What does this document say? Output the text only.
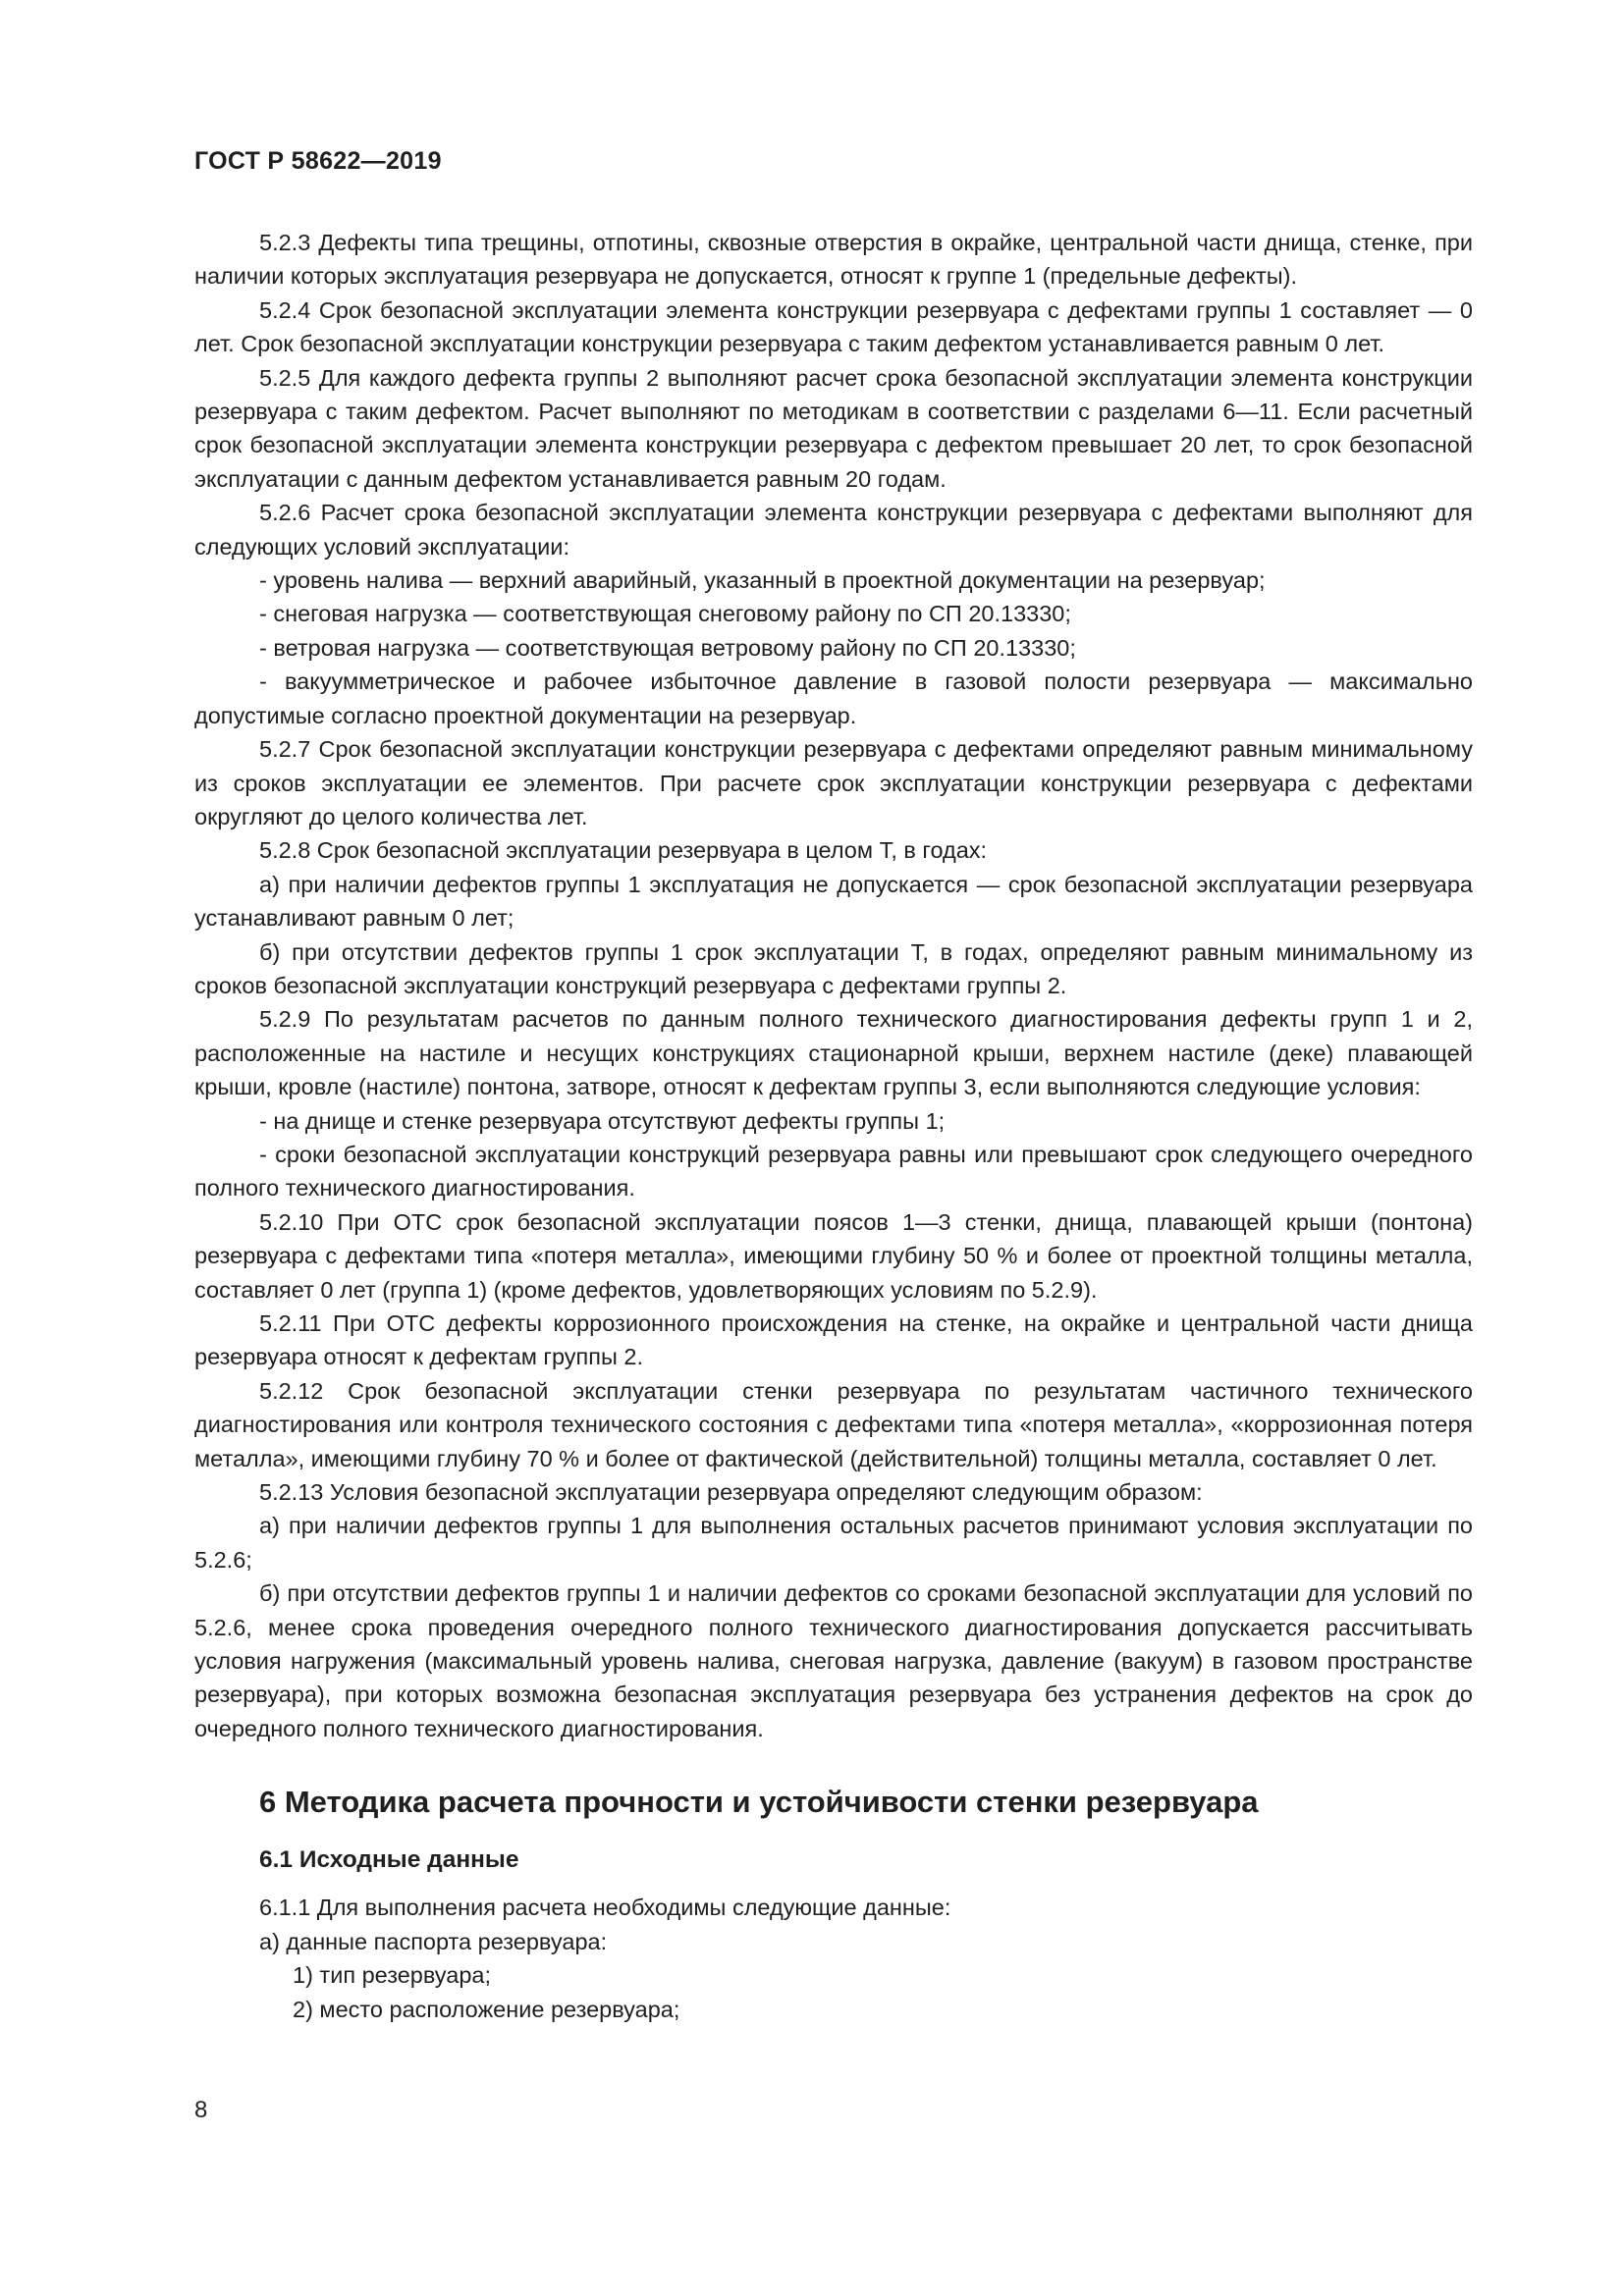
ГОСТ Р 58622—2019

5.2.3 Дефекты типа трещины, отпотины, сквозные отверстия в окрайке, центральной части днища, стенке, при наличии которых эксплуатация резервуара не допускается, относят к группе 1 (предельные дефекты).

5.2.4 Срок безопасной эксплуатации элемента конструкции резервуара с дефектами группы 1 составляет — 0 лет. Срок безопасной эксплуатации конструкции резервуара с таким дефектом устанавливается равным 0 лет.

5.2.5 Для каждого дефекта группы 2 выполняют расчет срока безопасной эксплуатации элемента конструкции резервуара с таким дефектом. Расчет выполняют по методикам в соответствии с разделами 6—11. Если расчетный срок безопасной эксплуатации элемента конструкции резервуара с дефектом превышает 20 лет, то срок безопасной эксплуатации с данным дефектом устанавливается равным 20 годам.

5.2.6 Расчет срока безопасной эксплуатации элемента конструкции резервуара с дефектами выполняют для следующих условий эксплуатации:

- уровень налива — верхний аварийный, указанный в проектной документации на резервуар;

- снеговая нагрузка — соответствующая снеговому району по СП 20.13330;

- ветровая нагрузка — соответствующая ветровому району по СП 20.13330;

- вакуумметрическое и рабочее избыточное давление в газовой полости резервуара — максимально допустимые согласно проектной документации на резервуар.

5.2.7 Срок безопасной эксплуатации конструкции резервуара с дефектами определяют равным минимальному из сроков эксплуатации ее элементов. При расчете срок эксплуатации конструкции резервуара с дефектами округляют до целого количества лет.

5.2.8 Срок безопасной эксплуатации резервуара в целом T, в годах:

а) при наличии дефектов группы 1 эксплуатация не допускается — срок безопасной эксплуатации резервуара устанавливают равным 0 лет;

б) при отсутствии дефектов группы 1 срок эксплуатации T, в годах, определяют равным минимальному из сроков безопасной эксплуатации конструкций резервуара с дефектами группы 2.

5.2.9 По результатам расчетов по данным полного технического диагностирования дефекты групп 1 и 2, расположенные на настиле и несущих конструкциях стационарной крыши, верхнем настиле (деке) плавающей крыши, кровле (настиле) понтона, затворе, относят к дефектам группы 3, если выполняются следующие условия:

- на днище и стенке резервуара отсутствуют дефекты группы 1;

- сроки безопасной эксплуатации конструкций резервуара равны или превышают срок следующего очередного полного технического диагностирования.

5.2.10 При ОТС срок безопасной эксплуатации поясов 1—3 стенки, днища, плавающей крыши (понтона) резервуара с дефектами типа «потеря металла», имеющими глубину 50 % и более от проектной толщины металла, составляет 0 лет (группа 1) (кроме дефектов, удовлетворяющих условиям по 5.2.9).

5.2.11 При ОТС дефекты коррозионного происхождения на стенке, на окрайке и центральной части днища резервуара относят к дефектам группы 2.

5.2.12 Срок безопасной эксплуатации стенки резервуара по результатам частичного технического диагностирования или контроля технического состояния с дефектами типа «потеря металла», «коррозионная потеря металла», имеющими глубину 70 % и более от фактической (действительной) толщины металла, составляет 0 лет.

5.2.13 Условия безопасной эксплуатации резервуара определяют следующим образом:

а) при наличии дефектов группы 1 для выполнения остальных расчетов принимают условия эксплуатации по 5.2.6;

б) при отсутствии дефектов группы 1 и наличии дефектов со сроками безопасной эксплуатации для условий по 5.2.6, менее срока проведения очередного полного технического диагностирования допускается рассчитывать условия нагружения (максимальный уровень налива, снеговая нагрузка, давление (вакуум) в газовом пространстве резервуара), при которых возможна безопасная эксплуатация резервуара без устранения дефектов на срок до очередного полного технического диагностирования.

6 Методика расчета прочности и устойчивости стенки резервуара
6.1 Исходные данные

6.1.1 Для выполнения расчета необходимы следующие данные:

а) данные паспорта резервуара:

1) тип резервуара;

2) место расположение резервуара;

8
